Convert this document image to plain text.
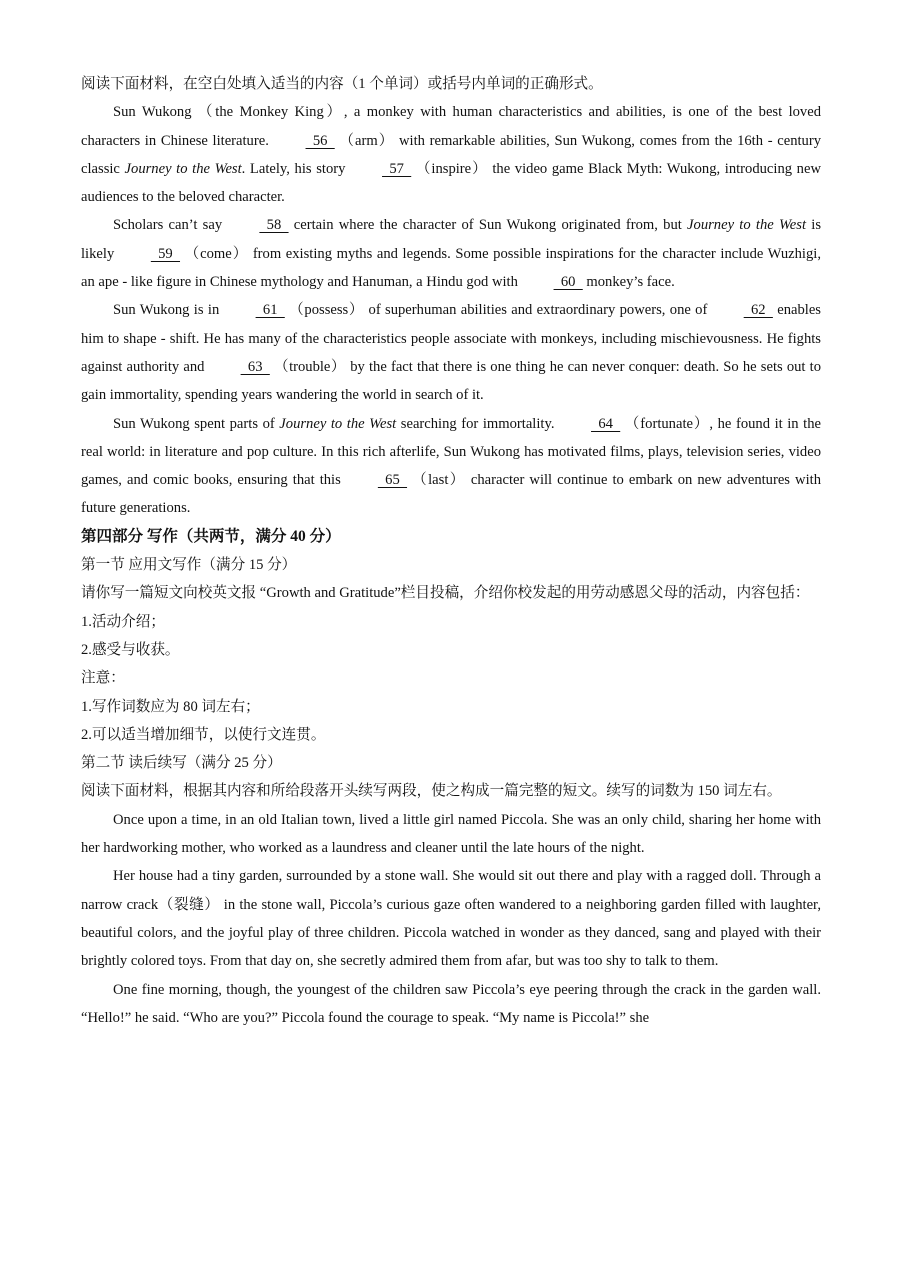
阅读下面材料，在空白处填入适当的内容（1 个单词）或括号内单词的正确形式。

Sun Wukong （the Monkey King）, a monkey with human characteristics and abilities, is one of the best loved characters in Chinese literature.   56   （arm） with remarkable abilities, Sun Wukong, comes from the 16th - century classic Journey to the West. Lately, his story   57   （inspire） the video game Black Myth: Wukong, introducing new audiences to the beloved character.

Scholars can’t say   58   certain where the character of Sun Wukong originated from, but Journey to the West is likely   59   （come） from existing myths and legends. Some possible inspirations for the character include Wuzhigi, an ape - like figure in Chinese mythology and Hanuman, a Hindu god with   60   monkey’s face.

Sun Wukong is in   61   （possess） of superhuman abilities and extraordinary powers, one of   62   enables him to shape - shift. He has many of the characteristics people associate with monkeys, including mischievousness. He fights against authority and   63   （trouble） by the fact that there is one thing he can never conquer: death. So he sets out to gain immortality, spending years wandering the world in search of it.

Sun Wukong spent parts of Journey to the West searching for immortality.   64   （fortunate）, he found it in the real world: in literature and pop culture. In this rich afterlife, Sun Wukong has motivated films, plays, television series, video games, and comic books, ensuring that this   65   （last） character will continue to embark on new adventures with future generations.

第四部分 写作（共两节，满分 40 分）

第一节 应用文写作（满分 15 分）

请你写一篇短文向校英文报 “Growth and Gratitude”栏目投稿，介绍你校发起的用劳动感恩父母的活动，内容包括：

1.活动介绍；

2.感受与收获。

注意：

1.写作词数应为 80 词左右；

2.可以适当增加细节，以使行文连贯。

第二节 读后续写（满分 25 分）

阅读下面材料，根据其内容和所给段落开头续写两段，使之构成一篇完整的短文。续写的词数为 150 词左右。

Once upon a time, in an old Italian town, lived a little girl named Piccola. She was an only child, sharing her home with her hardworking mother, who worked as a laundress and cleaner until the late hours of the night.

Her house had a tiny garden, surrounded by a stone wall. She would sit out there and play with a ragged doll. Through a narrow crack（裂缝） in the stone wall, Piccola’s curious gaze often wandered to a neighboring garden filled with laughter, beautiful colors, and the joyful play of three children. Piccola watched in wonder as they danced, sang and played with their brightly colored toys. From that day on, she secretly admired them from afar, but was too shy to talk to them.

One fine morning, though, the youngest of the children saw Piccola’s eye peering through the crack in the garden wall. “Hello!” he said. “Who are you?” Piccola found the courage to speak. “My name is Piccola!” she
